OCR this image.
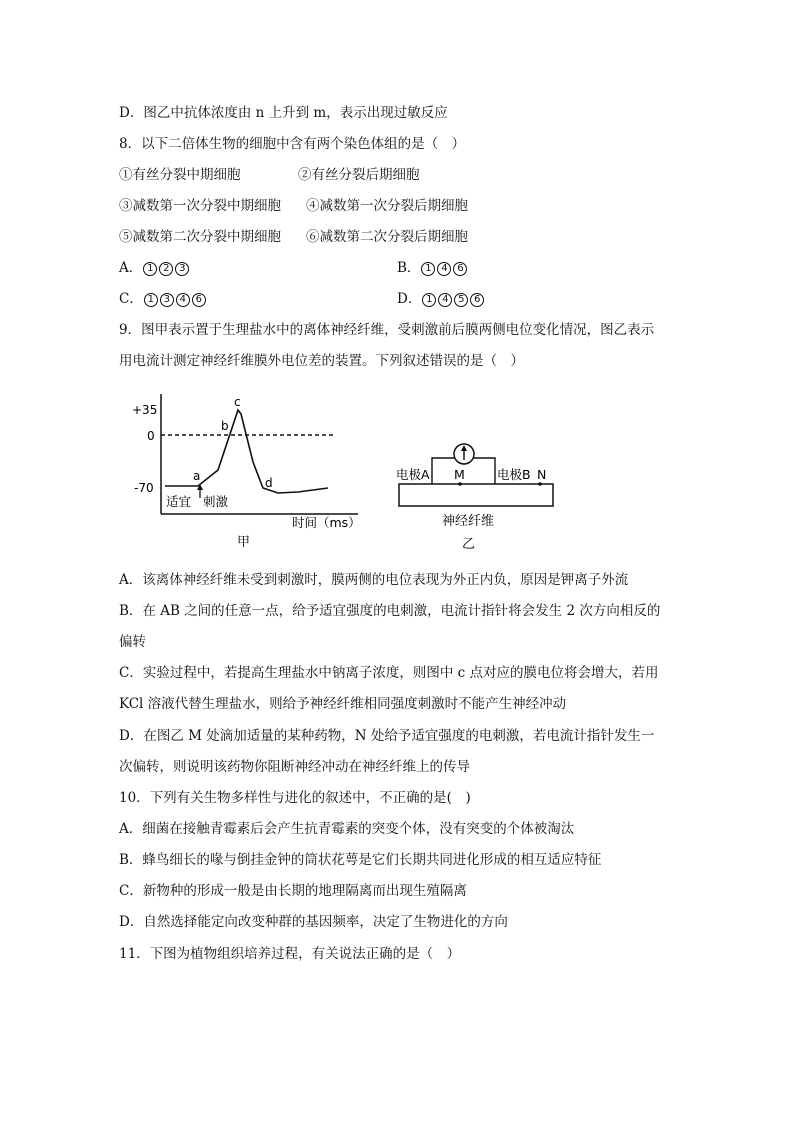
D．图乙中抗体浓度由 n 上升到 m，表示出现过敏反应
8．以下二倍体生物的细胞中含有两个染色体组的是（　）
①有丝分裂中期细胞	②有丝分裂后期细胞
③减数第一次分裂中期细胞 ④减数第一次分裂后期细胞
⑤减数第二次分裂中期细胞 ⑥减数第二次分裂后期细胞
A． 1 2 3	B． 1 4 6
C． 1 3 4 6	D． 1 4 5 6
9．图甲表示置于生理盐水中的离体神经纤维，受刺激前后膜两侧电位变化情况，图乙表示
用电流计测定神经纤维膜外电位差的装置。下列叙述错误的是（　）
+35
0
-70
c
b
a	d
适宜 刺激
时间（ms）
甲
电极A M	电极B N
神经纤维
乙
A．该离体神经纤维未受到刺激时，膜两侧的电位表现为外正内负，原因是钾离子外流
B．在 AB 之间的任意一点，给予适宜强度的电刺激，电流计指针将会发生 2 次方向相反的
偏转
C．实验过程中，若提高生理盐水中钠离子浓度，则图中 c 点对应的膜电位将会增大，若用
KCl 溶液代替生理盐水，则给予神经纤维相同强度刺激时不能产生神经冲动
D．在图乙 M 处滴加适量的某种药物，N 处给予适宜强度的电刺激，若电流计指针发生一
次偏转，则说明该药物你阻断神经冲动在神经纤维上的传导
10．下列有关生物多样性与进化的叙述中，不正确的是(　)
A．细菌在接触青霉素后会产生抗青霉素的突变个体，没有突变的个体被淘汰
B．蜂鸟细长的喙与倒挂金钟的筒状花萼是它们长期共同进化形成的相互适应特征
C．新物种的形成一般是由长期的地理隔离而出现生殖隔离
D．自然选择能定向改变种群的基因频率，决定了生物进化的方向
11．下图为植物组织培养过程，有关说法正确的是（　）
